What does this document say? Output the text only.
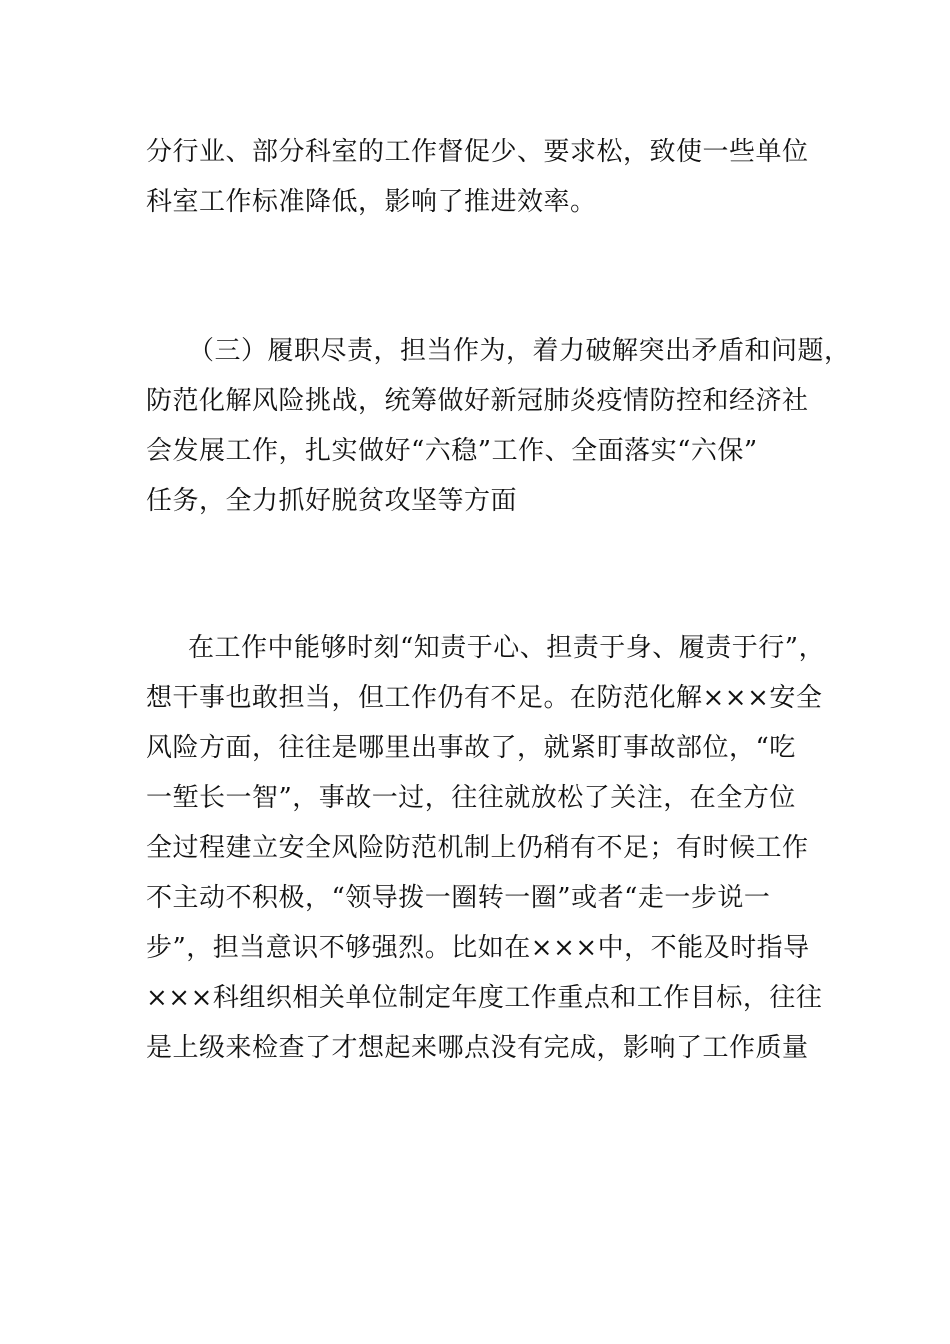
分行业、部分科室的工作督促少、要求松，致使一些单位
科室工作标准降低，影响了推进效率。
（三）履职尽责，担当作为，着力破解突出矛盾和问题，
防范化解风险挑战，统筹做好新冠肺炎疫情防控和经济社
会发展工作，扎实做好“六稳”工作、全面落实“六保”
任务，全力抓好脱贫攻坚等方面
在工作中能够时刻“知责于心、担责于身、履责于行”，
想干事也敢担当，但工作仍有不足。在防范化解×××安全
风险方面，往往是哪里出事故了，就紧盯事故部位，“吃
一堑长一智”，事故一过，往往就放松了关注，在全方位
全过程建立安全风险防范机制上仍稍有不足；有时候工作
不主动不积极，“领导拨一圈转一圈”或者“走一步说一
步”，担当意识不够强烈。比如在×××中，不能及时指导
×××科组织相关单位制定年度工作重点和工作目标，往往
是上级来检查了才想起来哪点没有完成，影响了工作质量
